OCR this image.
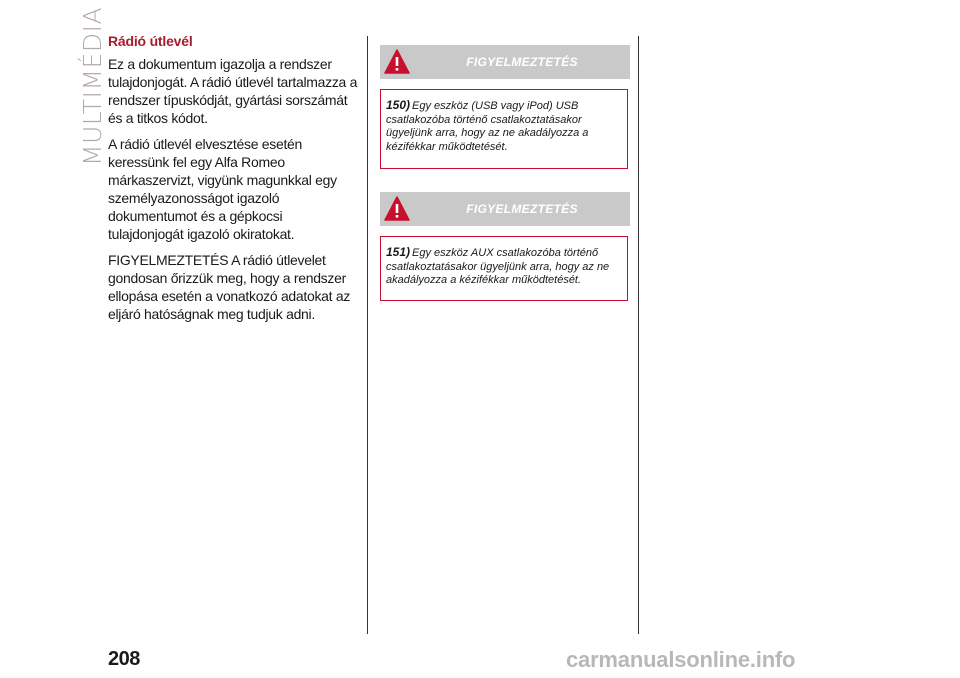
MULTIMÉDIA Rádió útlevél

Ez a dokumentum igazolja a rendszer tulajdonjogát. A rádió útlevél tartalmazza a rendszer típuskódját, gyártási sorszámát és a titkos kódot.

A rádió útlevél elvesztése esetén keressünk fel egy Alfa Romeo márkaszervizt, vigyünk magunkkal egy személyazonosságot igazoló dokumentumot és a gépkocsi tulajdonjogát igazoló okiratokat.

FIGYELMEZTETÉS A rádió útlevelet gondosan őrizzük meg, hogy a rendszer ellopása esetén a vonatkozó adatokat az eljáró hatóságnak meg tudjuk adni.

FIGYELMEZTETÉS
150) Egy eszköz (USB vagy iPod) USB csatlakozóba történő csatlakoztatásakor ügyeljünk arra, hogy az ne akadályozza a kézifékkar működtetését.
FIGYELMEZTETÉS
151) Egy eszköz AUX csatlakozóba történő csatlakoztatásakor ügyeljünk arra, hogy az ne akadályozza a kézifékkar működtetését.
208	carmanualsonline.info
